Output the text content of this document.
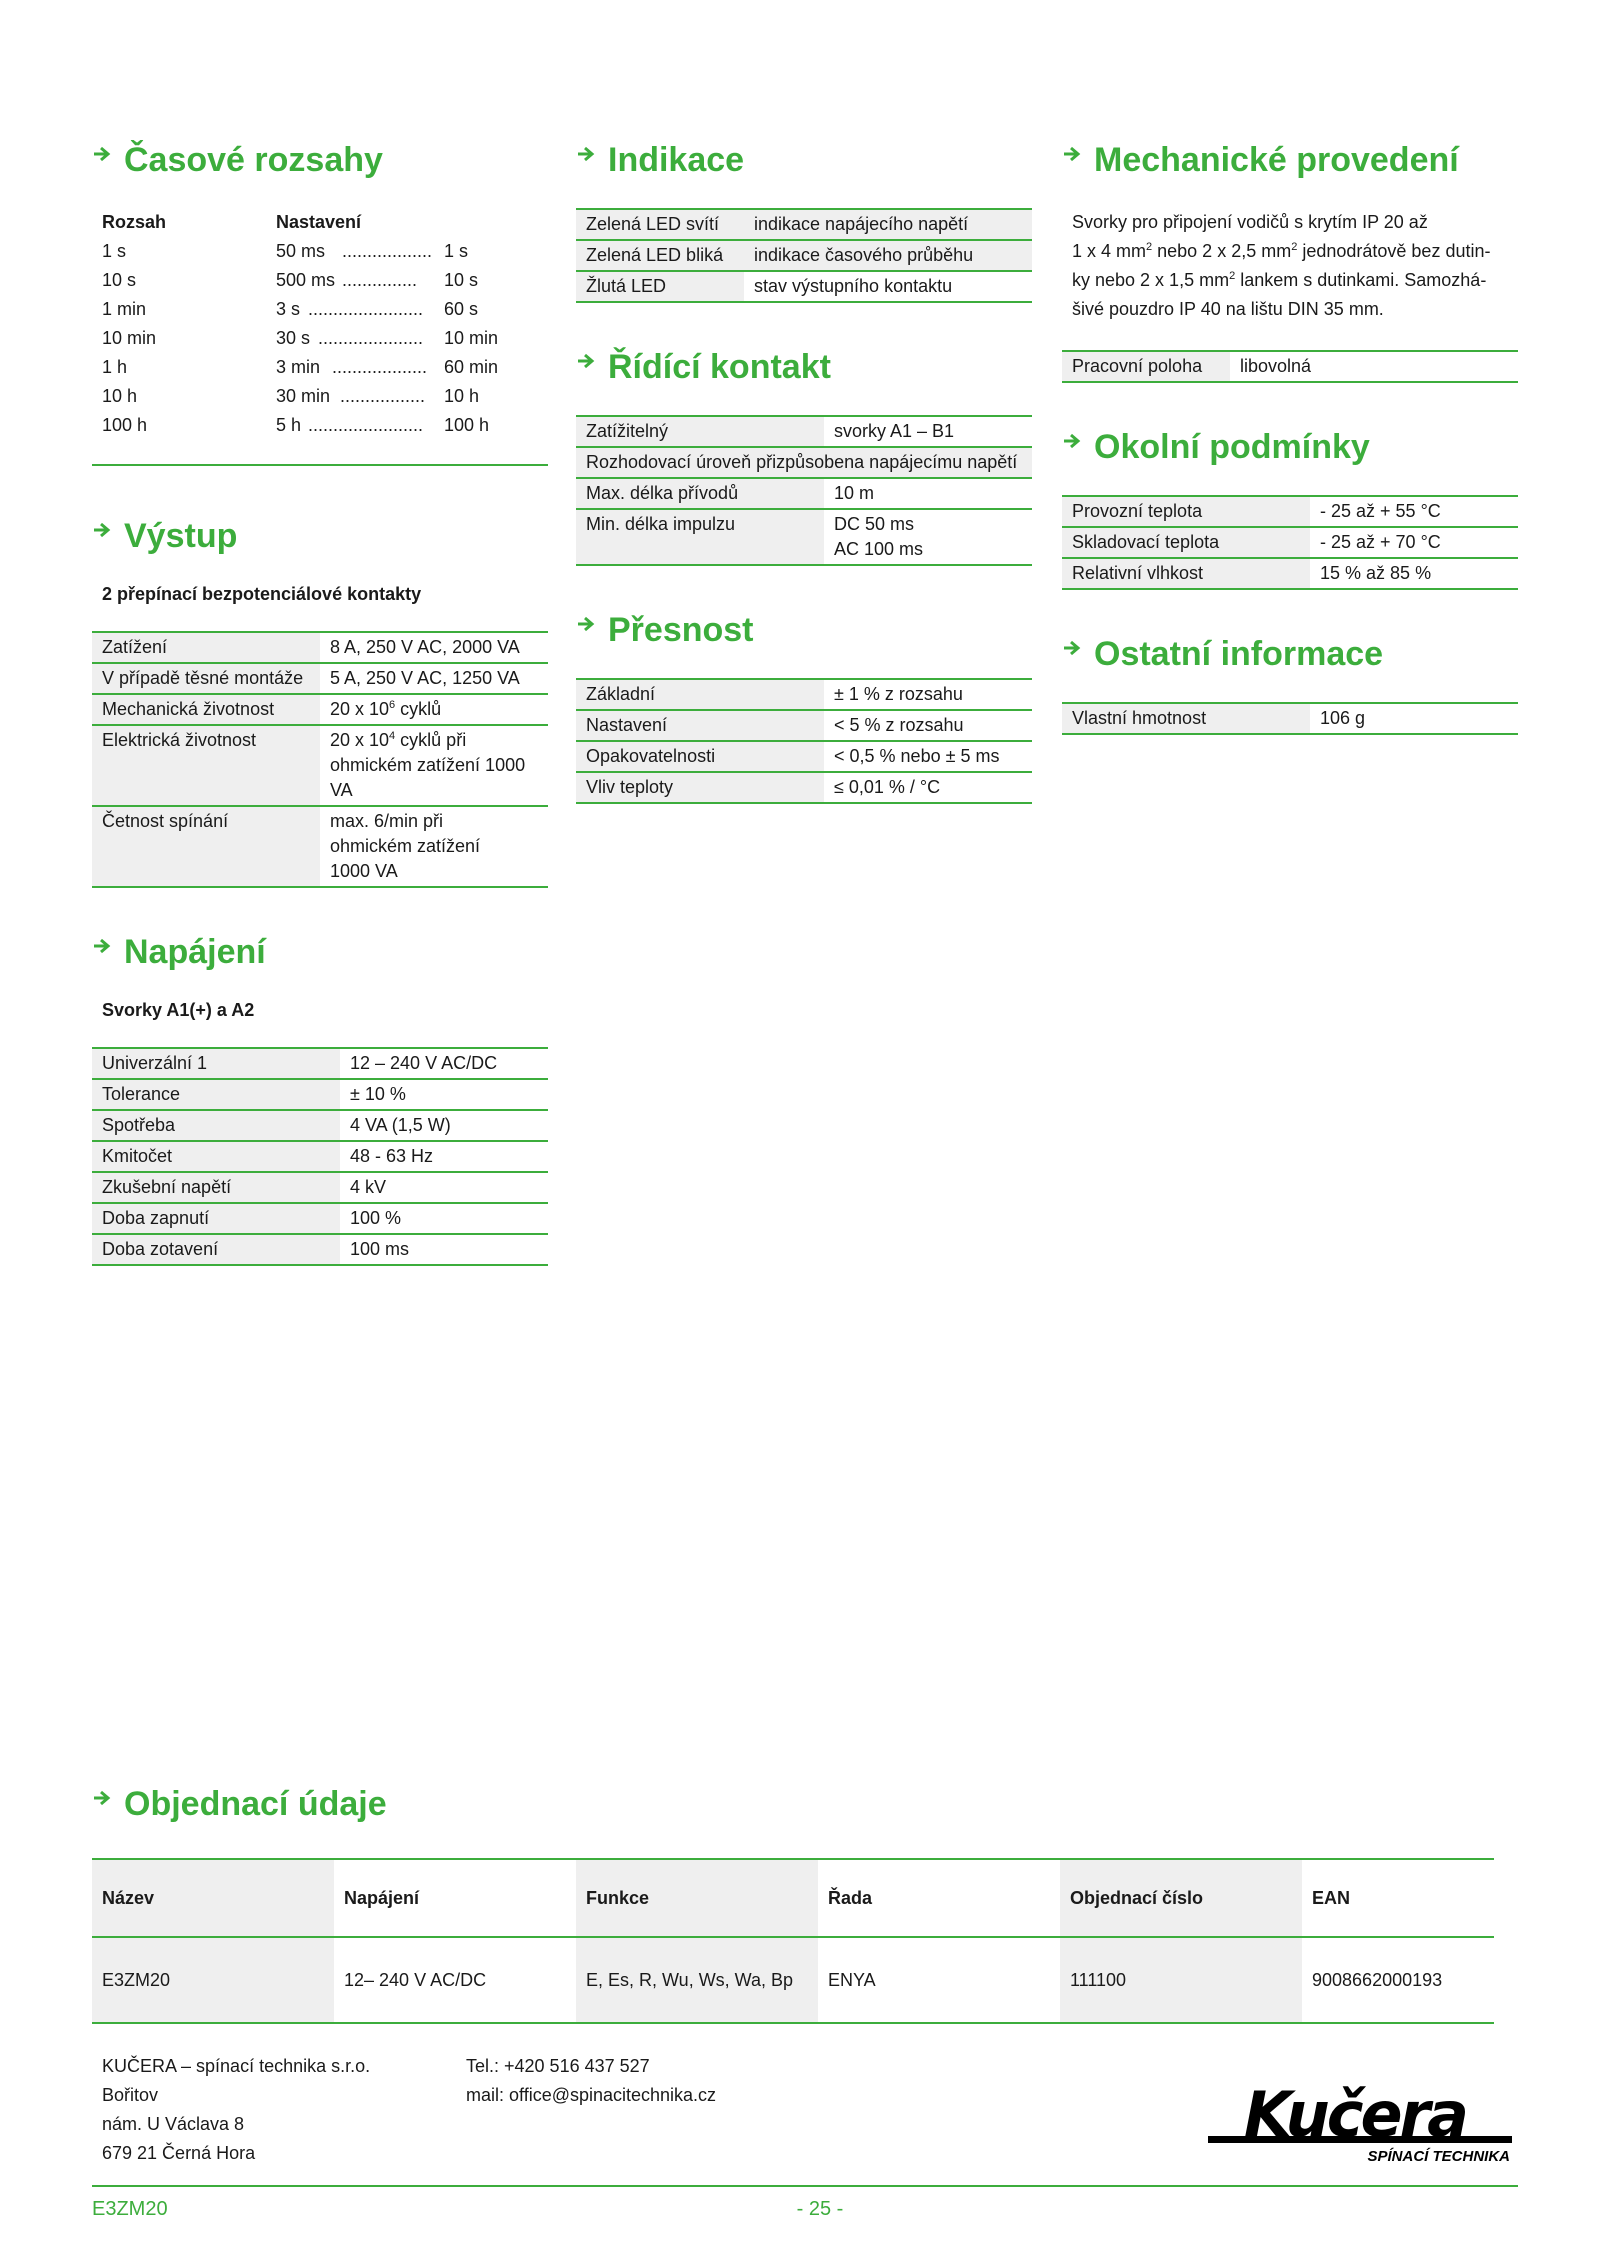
Časové rozsahy
Rozsah	Nastavení
1 s	50 ms .................. 1 s
10 s	500 ms ...............	10 s
1 min	3 s .......................	60 s
10 min	30 s .....................	10 min
1 h	3 min ................... 60 min
10 h	30 min .................	10 h
100 h	5 h .......................	100 h
Výstup
2 přepínací bezpotenciálové kontakty
Zatížení	8 A, 250 V AC, 2000 VA
V případě těsné montáže	5 A, 250 V AC, 1250 VA
Mechanická životnost	20 x $10^6$ cyklů
Elektrická životnost	20 x $10^4$ cyklů při ohmickém zatížení 1000 VA
Četnost spínání	max. 6/min při ohmickém zatížení 1000 VA
Napájení
Svorky A1(+) a A2
Univerzální 1	12 – 240 V AC/DC
Tolerance	± 10 %
Spotřeba	4 VA (1,5 W)
Kmitočet	48 - 63 Hz
Zkušební napětí	4 kV
Doba zapnutí	100 %
Doba zotavení	100 ms
Indikace
Zelená LED svítí	indikace napájecího napětí
Zelená LED bliká	indikace časového průběhu
Žlutá LED	stav výstupního kontaktu
Řídící kontakt
Zatížitelný	svorky A1 – B1
Rozhodovací úroveň přizpůsobena napájecímu napětí
Max. délka přívodů	10 m
Min. délka impulzu	DC 50 ms
AC 100 ms
Přesnost
Základní	± 1 % z rozsahu
Nastavení	< 5 % z rozsahu
Opakovatelnosti	< 0,5 % nebo ± 5 ms
Vliv teploty	≤ 0,01 % / °C
Mechanické provedení
Svorky pro připojení vodičů s krytím IP 20 až
1 x 4 $mm^2$ nebo 2 x 2,5 $mm^2$ jednodrátově bez dutin-
ky nebo 2 x 1,5 $mm^2$ lankem s dutinkami. Samozhá-
šivé pouzdro IP 40 na lištu DIN 35 mm.
Pracovní poloha	libovolná
Okolní podmínky
Provozní teplota	- 25 až + 55 °C
Skladovací teplota	- 25 až + 70 °C
Relativní vlhkost	15 % až 85 %
Ostatní informace
Vlastní hmotnost	106 g
Objednací údaje
Název	Napájení	Funkce	Řada	Objednací číslo	EAN
E3ZM20	12– 240 V AC/DC	E, Es, R, Wu, Ws, Wa, Bp	ENYA	111100	9008662000193
KUČERA – spínací technika s.r.o.
Bořitov
nám. U Václava 8
679 21 Černá Hora
Tel.: +420 516 437 527
mail: office@spinacitechnika.cz	Kučera
SPÍNACÍ TECHNIKA
E3ZM20	- 25 -
